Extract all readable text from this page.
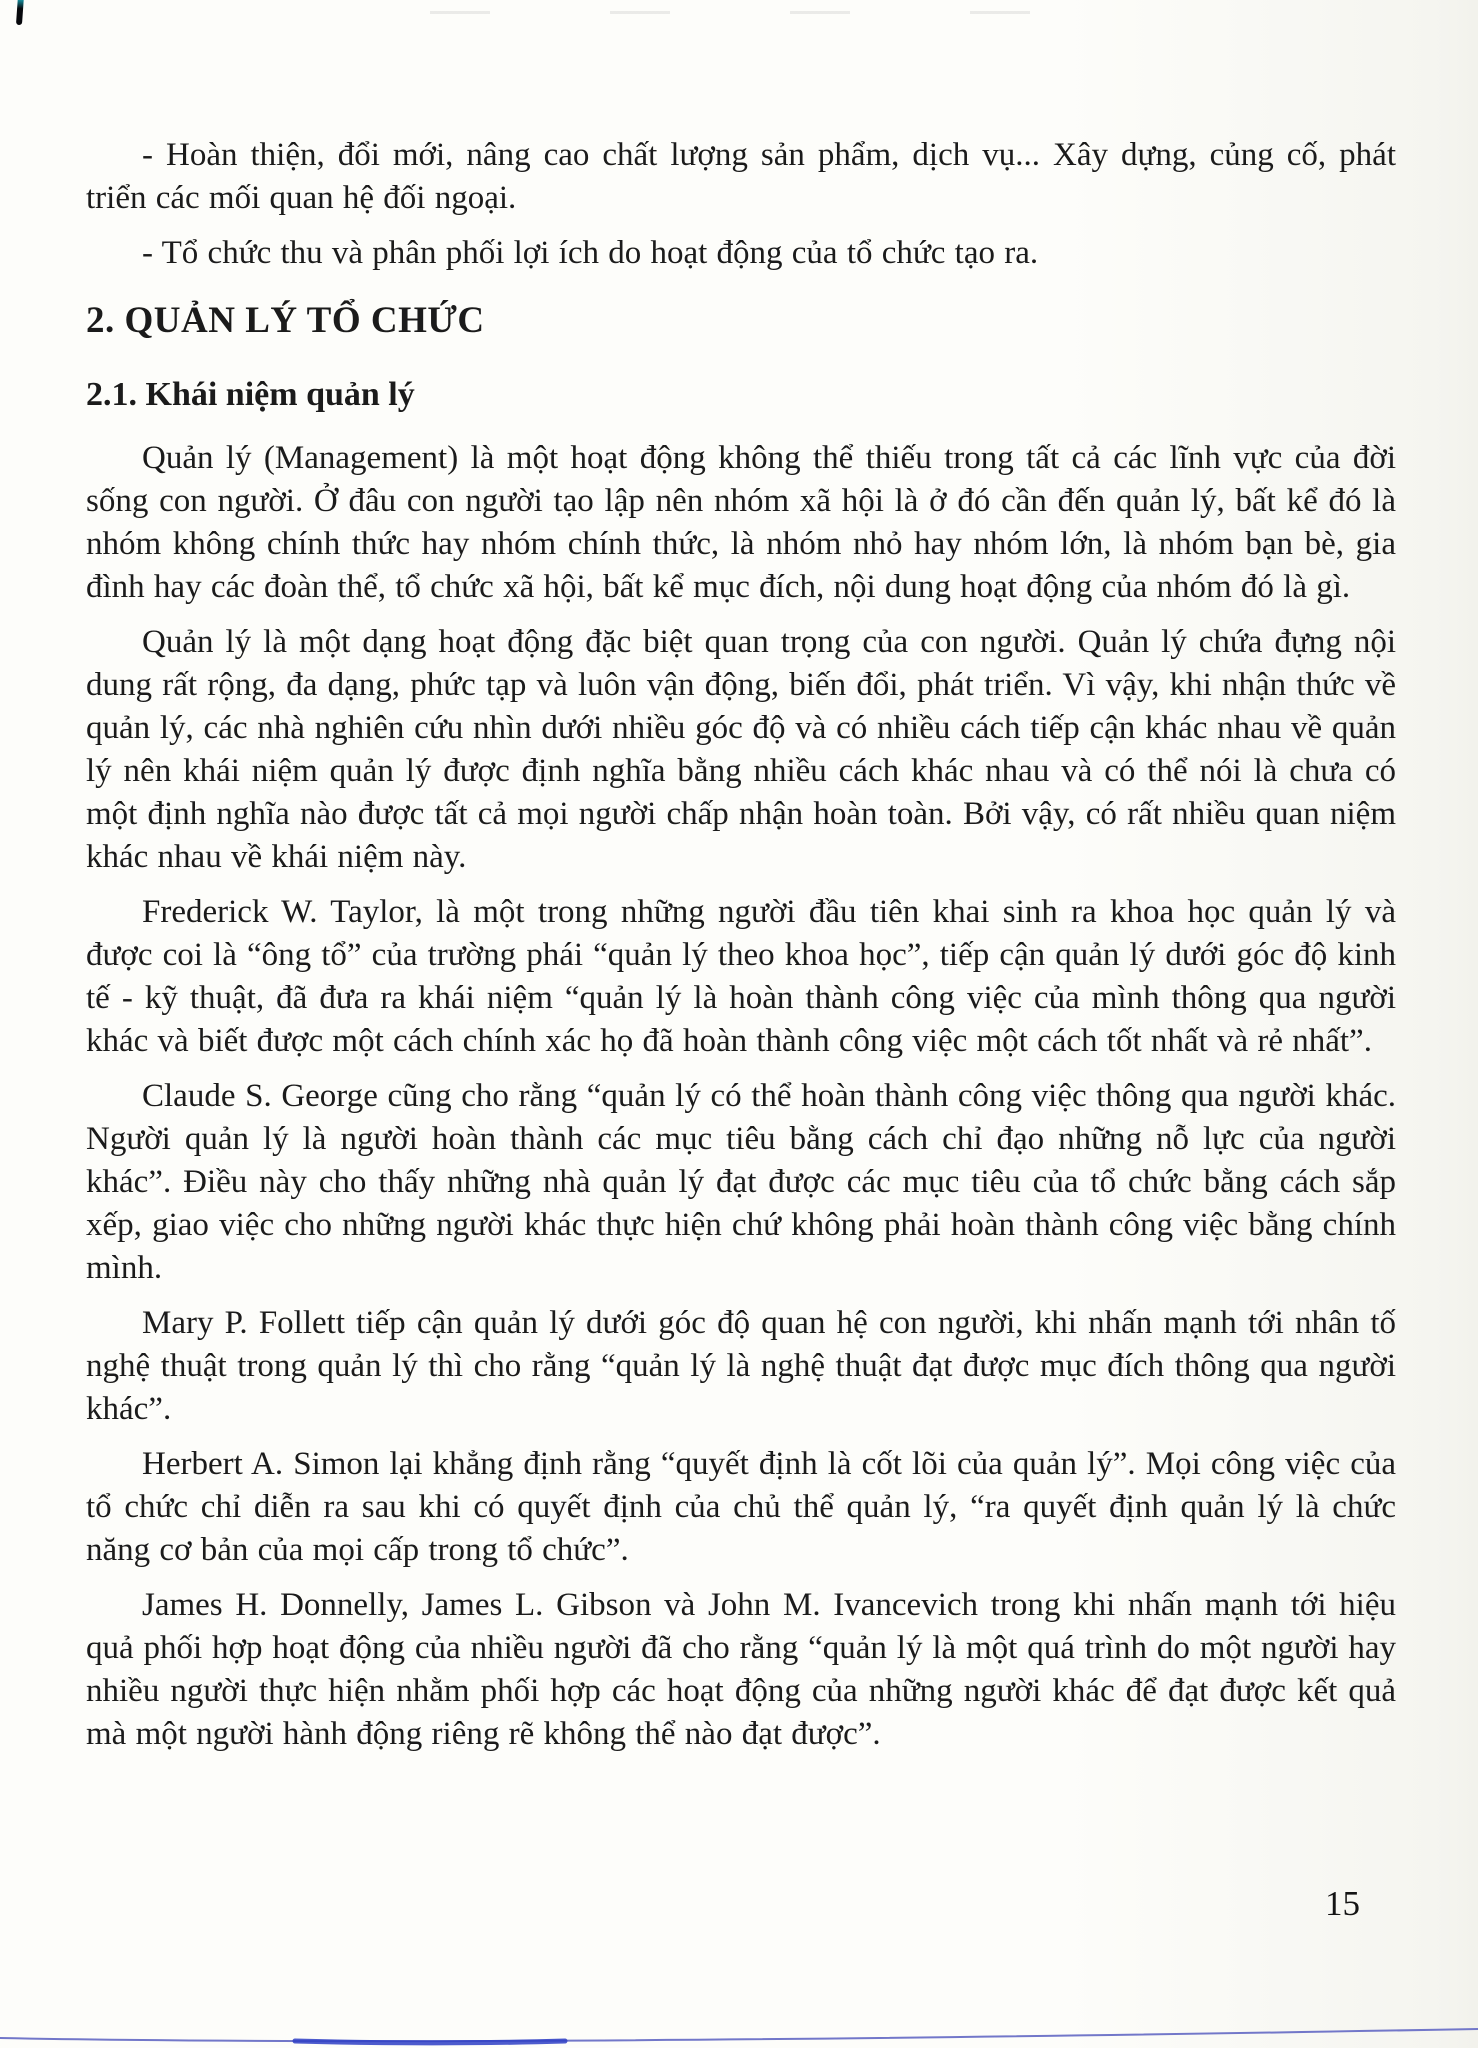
- Hoàn thiện, đổi mới, nâng cao chất lượng sản phẩm, dịch vụ... Xây dựng, củng cố, phát triển các mối quan hệ đối ngoại.

- Tổ chức thu và phân phối lợi ích do hoạt động của tổ chức tạo ra.

2. QUẢN LÝ TỔ CHỨC
2.1. Khái niệm quản lý

Quản lý (Management) là một hoạt động không thể thiếu trong tất cả các lĩnh vực của đời sống con người. Ở đâu con người tạo lập nên nhóm xã hội là ở đó cần đến quản lý, bất kể đó là nhóm không chính thức hay nhóm chính thức, là nhóm nhỏ hay nhóm lớn, là nhóm bạn bè, gia đình hay các đoàn thể, tổ chức xã hội, bất kể mục đích, nội dung hoạt động của nhóm đó là gì.

Quản lý là một dạng hoạt động đặc biệt quan trọng của con người. Quản lý chứa đựng nội dung rất rộng, đa dạng, phức tạp và luôn vận động, biến đổi, phát triển. Vì vậy, khi nhận thức về quản lý, các nhà nghiên cứu nhìn dưới nhiều góc độ và có nhiều cách tiếp cận khác nhau về quản lý nên khái niệm quản lý được định nghĩa bằng nhiều cách khác nhau và có thể nói là chưa có một định nghĩa nào được tất cả mọi người chấp nhận hoàn toàn. Bởi vậy, có rất nhiều quan niệm khác nhau về khái niệm này.

Frederick W. Taylor, là một trong những người đầu tiên khai sinh ra khoa học quản lý và được coi là “ông tổ” của trường phái “quản lý theo khoa học”, tiếp cận quản lý dưới góc độ kinh tế - kỹ thuật, đã đưa ra khái niệm “quản lý là hoàn thành công việc của mình thông qua người khác và biết được một cách chính xác họ đã hoàn thành công việc một cách tốt nhất và rẻ nhất”.

Claude S. George cũng cho rằng “quản lý có thể hoàn thành công việc thông qua người khác. Người quản lý là người hoàn thành các mục tiêu bằng cách chỉ đạo những nỗ lực của người khác”. Điều này cho thấy những nhà quản lý đạt được các mục tiêu của tổ chức bằng cách sắp xếp, giao việc cho những người khác thực hiện chứ không phải hoàn thành công việc bằng chính mình.

Mary P. Follett tiếp cận quản lý dưới góc độ quan hệ con người, khi nhấn mạnh tới nhân tố nghệ thuật trong quản lý thì cho rằng “quản lý là nghệ thuật đạt được mục đích thông qua người khác”.

Herbert A. Simon lại khẳng định rằng “quyết định là cốt lõi của quản lý”. Mọi công việc của tổ chức chỉ diễn ra sau khi có quyết định của chủ thể quản lý, “ra quyết định quản lý là chức năng cơ bản của mọi cấp trong tổ chức”.

James H. Donnelly, James L. Gibson và John M. Ivancevich trong khi nhấn mạnh tới hiệu quả phối hợp hoạt động của nhiều người đã cho rằng “quản lý là một quá trình do một người hay nhiều người thực hiện nhằm phối hợp các hoạt động của những người khác để đạt được kết quả mà một người hành động riêng rẽ không thể nào đạt được”.

15
